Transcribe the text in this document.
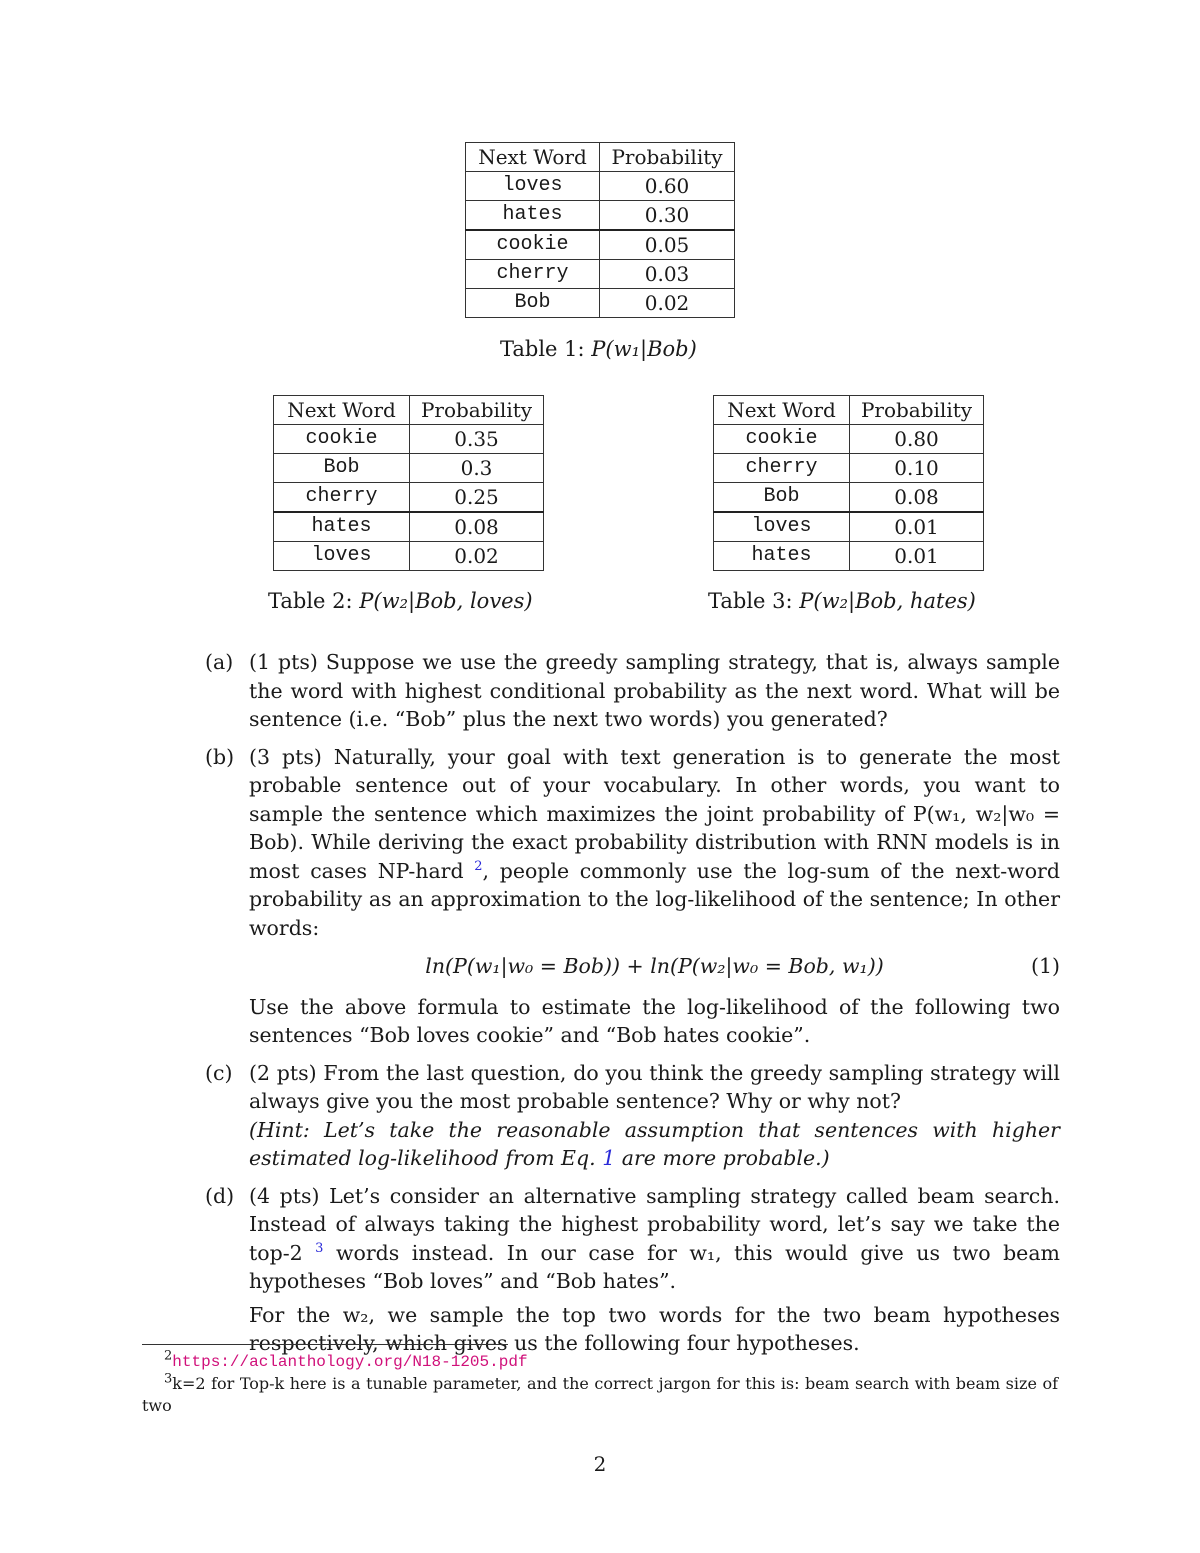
Next Word	Probability
loves	0.60
hates	0.30
cookie	0.05
cherry	0.03
Bob	0.02
Table 1: P(w₁|Bob)
Next Word	Probability
cookie	0.35
Bob	0.3
cherry	0.25
hates	0.08
loves	0.02
Table 2: P(w₂|Bob, loves)
Next Word	Probability
cookie	0.80
cherry	0.10
Bob	0.08
loves	0.01
hates	0.01
Table 3: P(w₂|Bob, hates)
(a) (1 pts) Suppose we use the greedy sampling strategy, that is, always sample the word with highest conditional probability as the next word. What will be sentence (i.e. “Bob” plus the next two words) you generated?

(b) (3 pts) Naturally, your goal with text generation is to generate the most probable sentence out of your vocabulary. In other words, you want to sample the sentence which maximizes the joint probability of P(w₁, w₂|w₀ = Bob). While deriving the exact probability distribution with RNN models is in most cases NP-hard $^2$, people commonly use the log-sum of the next-word probability as an approximation to the log-likelihood of the sentence; In other words:

ln(P(w₁|w₀ = Bob)) + ln(P(w₂|w₀ = Bob, w₁))	(1)

Use the above formula to estimate the log-likelihood of the following two sentences “Bob loves cookie” and “Bob hates cookie”.

(c) (2 pts) From the last question, do you think the greedy sampling strategy will always give you the most probable sentence? Why or why not?

(Hint: Let’s take the reasonable assumption that sentences with higher estimated log-likelihood from Eq. 1 are more probable.)

(d) (4 pts) Let’s consider an alternative sampling strategy called beam search. Instead of always taking the highest probability word, let’s say we take the top-2 $^3$ words instead. In our case for w₁, this would give us two beam hypotheses “Bob loves” and “Bob hates”.

For the w₂, we sample the top two words for the two beam hypotheses respectively, which gives us the following four hypotheses.

$^2$https://aclanthology.org/N18-1205.pdf
$^3$k=2 for Top-k here is a tunable parameter, and the correct jargon for this is: beam search with beam size of two
2
